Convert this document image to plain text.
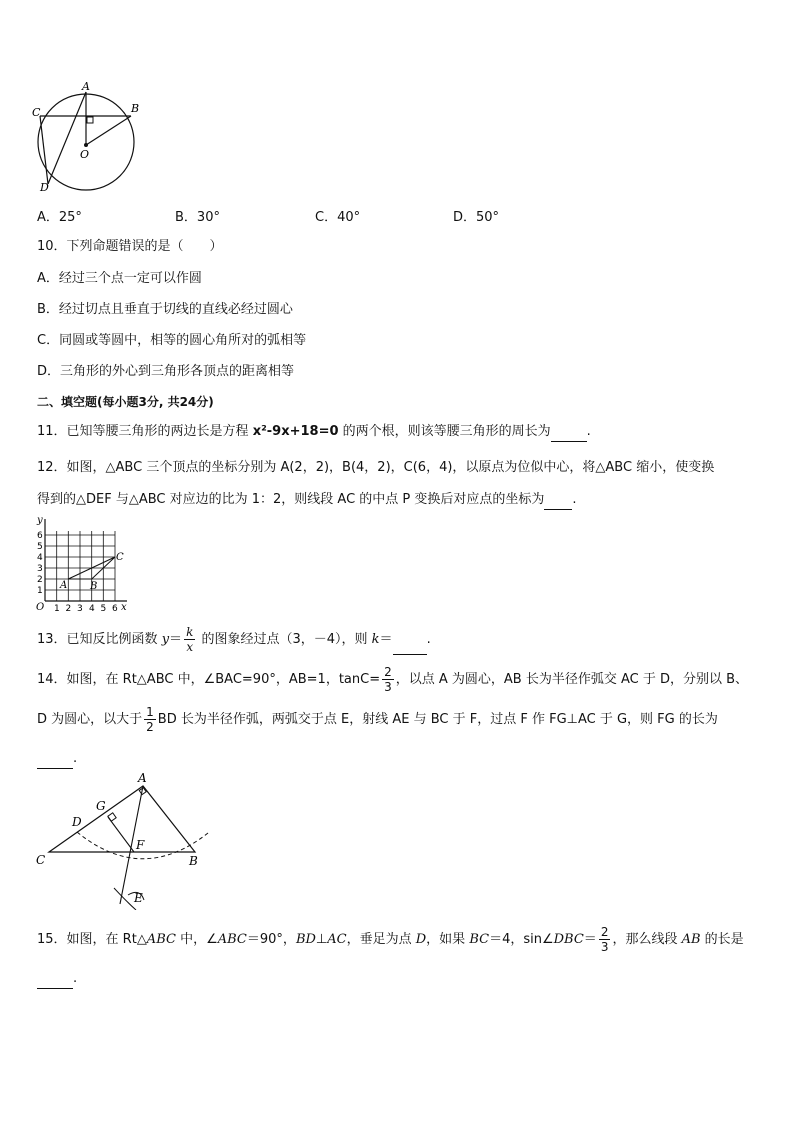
A
B
C
D
O
A．25°	B．30°	C．40°	D．50°
10．下列命题错误的是（　　）
A．经过三个点一定可以作圆
B．经过切点且垂直于切线的直线必经过圆心
C．同圆或等圆中，相等的圆心角所对的弧相等
D．三角形的外心到三角形各顶点的距离相等
二、填空题(每小题3分, 共24分)
11．已知等腰三角形的两边长是方程 x²-9x+18=0 的两个根，则该等腰三角形的周长为	.
12．如图，△ABC 三个顶点的坐标分别为 A(2，2)，B(4，2)，C(6，4)，以原点为位似中心，将△ABC 缩小，使变换
得到的△DEF 与△ABC 对应边的比为 1：2，则线段 AC 的中点 P 变换后对应点的坐标为 .
y
x
O 1 2 3 4 5 6
1
2
3
4
5
6
A B
C
13．已知反比例函数 $y= \frac{k}{x}$ 的图象经过点（3，－4），则 k＝	.
14．如图，在 Rt△ABC 中，∠BAC=90°，AB=1，$\tan C= \frac{2}{3}$ ，以点 A 为圆心，AB 长为半径作弧交 AC 于 D，分别以 B、
D 为圆心，以大于 $\frac{1}{2}$ BD 长为半径作弧，两弧交于点 E，射线 AE 与 BC 于 F，过点 F 作 FG⊥AC 于 G，则 FG 的长为
.
A
B
C
D
E
F
G
15．如图，在 Rt△ABC 中，∠ABC＝90°，BD⊥AC，垂足为点 D，如果 BC＝4，sin∠DBC＝ $\frac{2}{3}$ ，那么线段 AB 的长是
.
